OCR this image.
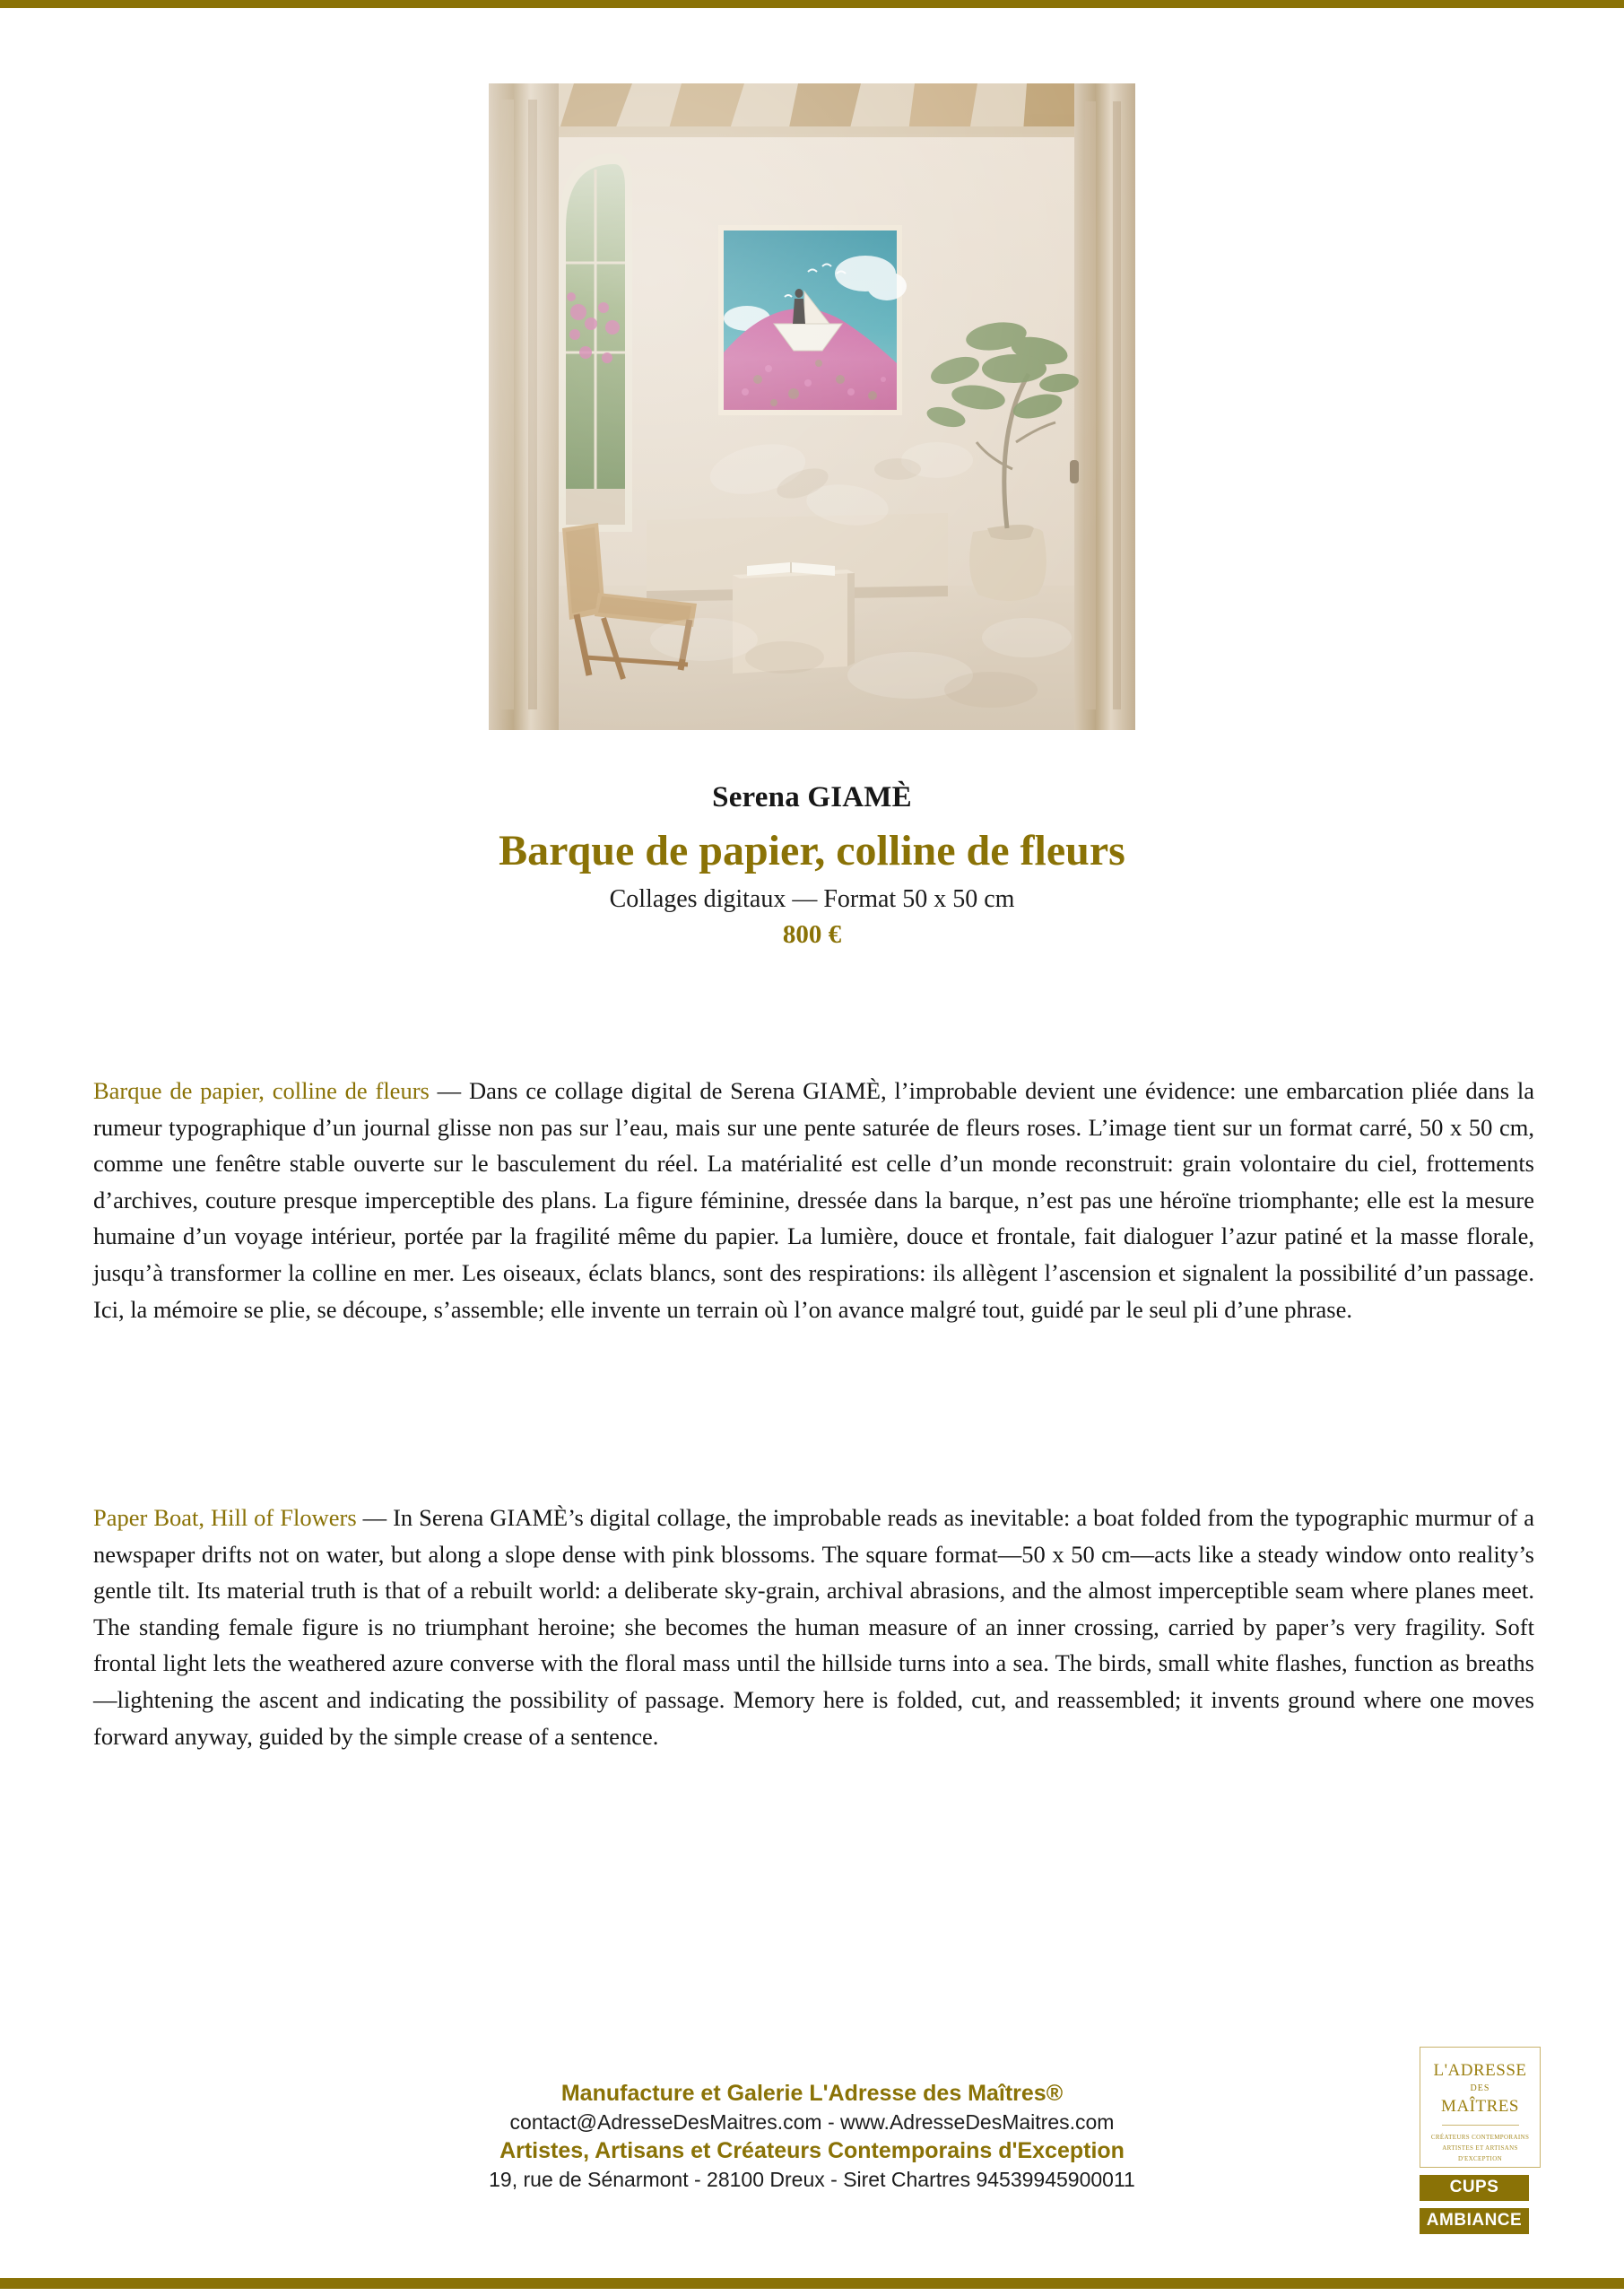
Serena GIAMÈ

Barque de papier, colline de fleurs

Collages digitaux — Format 50 x 50 cm

800 €

Barque de papier, colline de fleurs — Dans ce collage digital de Serena GIAMÈ, l’improbable devient une évidence: une embarcation pliée dans la rumeur typographique d’un journal glisse non pas sur l’eau, mais sur une pente saturée de fleurs roses. L’image tient sur un format carré, 50 x 50 cm, comme une fenêtre stable ouverte sur le basculement du réel. La matérialité est celle d’un monde reconstruit: grain volontaire du ciel, frottements d’archives, couture presque imperceptible des plans. La figure féminine, dressée dans la barque, n’est pas une héroïne triomphante; elle est la mesure humaine d’un voyage intérieur, portée par la fragilité même du papier. La lumière, douce et frontale, fait dialoguer l’azur patiné et la masse florale, jusqu’à transformer la colline en mer. Les oiseaux, éclats blancs, sont des respirations: ils allègent l’ascension et signalent la possibilité d’un passage. Ici, la mémoire se plie, se découpe, s’assemble; elle invente un terrain où l’on avance malgré tout, guidé par le seul pli d’une phrase.

Paper Boat, Hill of Flowers — In Serena GIAMÈ’s digital collage, the improbable reads as inevitable: a boat folded from the typographic murmur of a newspaper drifts not on water, but along a slope dense with pink blossoms. The square format—50 x 50 cm—acts like a steady window onto reality’s gentle tilt. Its material truth is that of a rebuilt world: a deliberate sky-grain, archival abrasions, and the almost imperceptible seam where planes meet. The standing female figure is no triumphant heroine; she becomes the human measure of an inner crossing, carried by paper’s very fragility. Soft frontal light lets the weathered azure converse with the floral mass until the hillside turns into a sea. The birds, small white flashes, function as breaths—lightening the ascent and indicating the possibility of passage. Memory here is folded, cut, and reassembled; it invents ground where one moves forward anyway, guided by the simple crease of a sentence.

Manufacture et Galerie L'Adresse des Maîtres®

contact@AdresseDesMaitres.com - www.AdresseDesMaitres.com

Artistes, Artisans et Créateurs Contemporains d'Exception

19, rue de Sénarmont - 28100 Dreux - Siret Chartres 94539945900011

L'ADRESSE
DES
MAÎTRES
CRÉATEURS CONTEMPORAINS
ARTISTES ET ARTISANS
D'EXCEPTION
CUPS
AMBIANCE
